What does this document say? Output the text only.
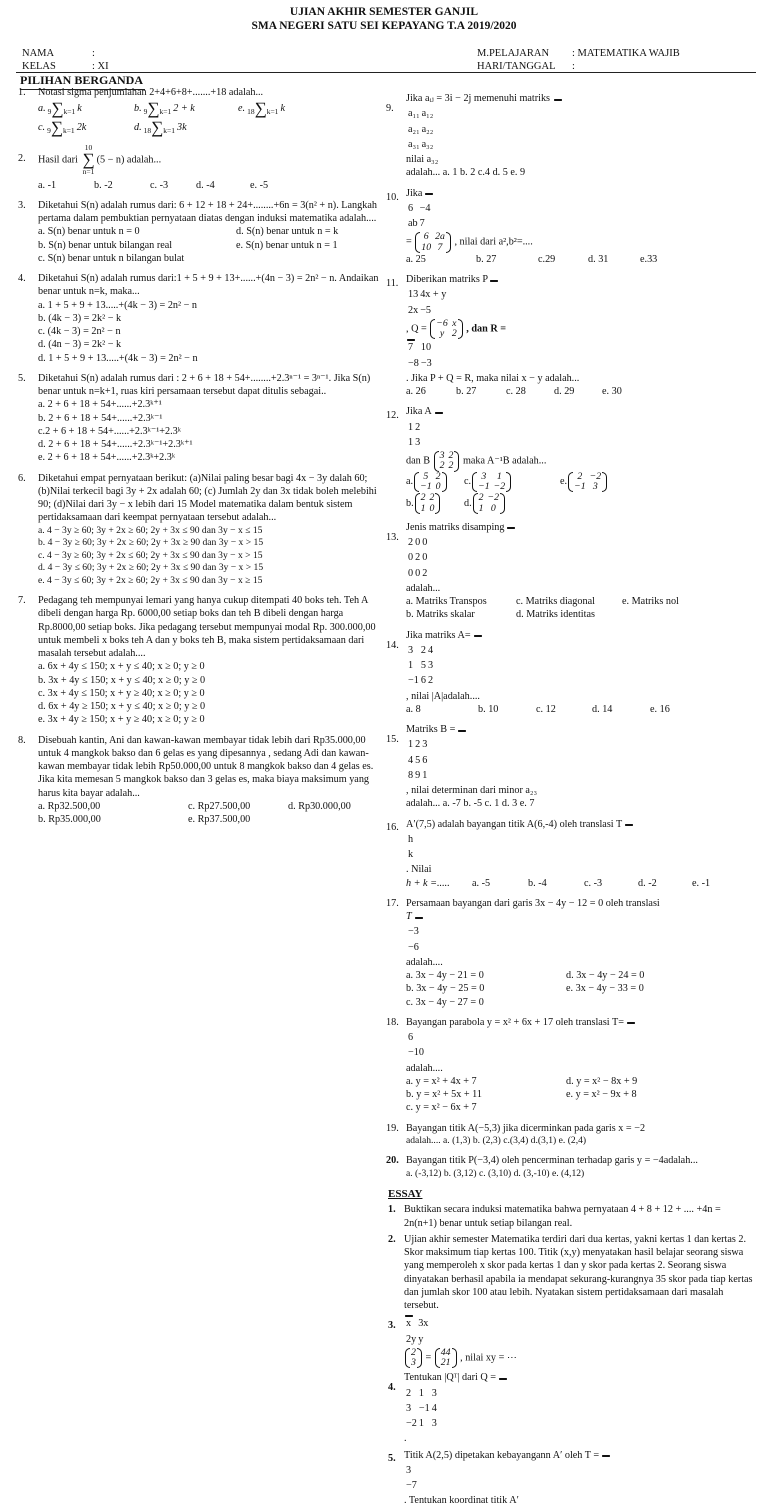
UJIAN AKHIR SEMESTER GANJIL
SMA NEGERI SATU SEI KEPAYANG T.A 2019/2020
NAMA	:
KELAS	: XI
M.PELAJARAN : MATEMATIKA WAJIB
HARI/TANGGAL :
PILIHAN BERGANDA
1. Notasi sigma penjumlahan 2+4+6+8+.......+18 adalah...

a. 9∑k=1 k	b. 9∑k=1 2 + k	e. 18∑k=1 k
c. 9∑k=1 2k	d. 18∑k=1 3k
2. Hasil dari
10
∑
n=1
(5 − n) adalah...

a. -1	b. -2	c. -3	d. -4	e. -5
3. Diketahui S(n) adalah rumus dari: 6 + 12 + 18 + 24+........+6n = 3(n² + n). Langkah pertama dalam pembuktian pernyataan diatas dengan induksi matematika adalah....

a. S(n) benar untuk n = 0	d. S(n) benar untuk n = k
b. S(n) benar untuk bilangan real	e. S(n) benar untuk n = 1
c. S(n) benar untuk n bilangan bulat
4. Diketahui S(n) adalah rumus dari:1 + 5 + 9 + 13+......+(4n − 3) = 2n² − n. Andaikan benar untuk n=k, maka...

a. 1 + 5 + 9 + 13.....+(4k − 3) = 2n² − n
b. (4k − 3) = 2k² − k
c. (4k − 3) = 2n² − n
d. (4n − 3) = 2k² − k
d. 1 + 5 + 9 + 13.....+(4k − 3) = 2n² − n
5. Diketahui S(n) adalah rumus dari : 2 + 6 + 18 + 54+........+2.3ⁿ⁻¹ = 3ⁿ⁻¹. Jika S(n) benar untuk n=k+1, ruas kiri persamaan tersebut dapat ditulis sebagai..

a. 2 + 6 + 18 + 54+......+2.3ᵏ⁺¹
b. 2 + 6 + 18 + 54+......+2.3ᵏ⁻¹
c.2 + 6 + 18 + 54+......+2.3ᵏ⁻¹+2.3ᵏ
d. 2 + 6 + 18 + 54+......+2.3ᵏ⁻¹+2.3ᵏ⁺¹
e. 2 + 6 + 18 + 54+......+2.3ᵏ+2.3ᵏ
6. Diketahui empat pernyataan berikut: (a)Nilai paling besar bagi 4x − 3y dalah 60; (b)Nilai terkecil bagi 3y + 2x adalah 60; (c) Jumlah 2y dan 3x tidak boleh melebihi 90; (d)Nilai dari 3y − x lebih dari 15 Model matematika dalam bentuk sistem pertidaksamaan dari keempat pernyataan tersebut adalah...

a. 4 − 3y ≥ 60; 3y + 2x ≥ 60; 2y + 3x ≤ 90 dan 3y − x ≤ 15
b. 4 − 3y ≥ 60; 3y + 2x ≥ 60; 2y + 3x ≥ 90 dan 3y − x > 15
c. 4 − 3y ≥ 60; 3y + 2x ≤ 60; 2y + 3x ≤ 90 dan 3y − x > 15
d. 4 − 3y ≤ 60; 3y + 2x ≥ 60; 2y + 3x ≤ 90 dan 3y − x > 15
e. 4 − 3y ≤ 60; 3y + 2x ≥ 60; 2y + 3x ≤ 90 dan 3y − x ≥ 15
7. Pedagang teh mempunyai lemari yang hanya cukup ditempati 40 boks teh. Teh A dibeli dengan harga Rp. 6000,00 setiap boks dan teh B dibeli dengan harga Rp.8000,00 setiap boks. Jika pedagang tersebut mempunyai modal Rp. 300.000,00 untuk membeli x boks teh A dan y boks teh B, maka sistem pertidaksamaan dari masalah tersebut adalah....

a. 6x + 4y ≤ 150; x + y ≤ 40; x ≥ 0; y ≥ 0
b. 3x + 4y ≤ 150; x + y ≤ 40; x ≥ 0; y ≥ 0
c. 3x + 4y ≤ 150; x + y ≥ 40; x ≥ 0; y ≥ 0
d. 6x + 4y ≥ 150; x + y ≤ 40; x ≥ 0; y ≥ 0
e. 3x + 4y ≥ 150; x + y ≥ 40; x ≥ 0; y ≥ 0
8. Disebuah kantin, Ani dan kawan-kawan membayar tidak lebih dari Rp35.000,00 untuk 4 mangkok bakso dan 6 gelas es yang dipesannya , sedang Adi dan kawan-kawan membayar tidak lebih Rp50.000,00 untuk 8 mangkok bakso dan 4 gelas es. Jika kita memesan 5 mangkok bakso dan 3 gelas es, maka biaya maksimum yang harus kita bayar adalah...

a. Rp32.500,00	c. Rp27.500,00	d. Rp30.000,00
b. Rp35.000,00	e. Rp37.500,00
9.

Jika aᵢⱼ = 3i − 2j memenuhi matriks

a₁₁	a₁₂
a₂₁	a₂₂
a₃₁	a₃₂
nilai a₃₂

adalah... a. 1 b. 2 c.4 d. 5 e. 9
10. Jika

6	−4
ab	7
=
6	2a
10	7 , nilai dari a²,b²=....

a. 25	b. 27	c.29	d. 31	e.33
11. Diberikan matriks P

13	4x + y
2x	−5
, Q =
−6	x
y	2 , dan R =

7	10
−8	−3
. Jika P + Q = R, maka nilai x − y adalah...

a. 26	b. 27	c. 28	d. 29	e. 30
12. Jika A

1	2
1	3
dan B
3	2
2	2 maka A⁻¹B adalah...

a.
5	2
−1	0 c.
3	1
−1	−2	e.
2	−2
−1	3
b.
2	2
1	0	d.
2	−2
1	0
13.

Jenis matriks disamping

2	0	0
0	2	0
0	0	2
adalah...

a. Matriks Transpos	c. Matriks diagonal	e. Matriks nol
b. Matriks skalar	d. Matriks identitas
14.

Jika matriks A=

3	2	4
1	5	3
−1	6	2
, nilai |A|adalah....

a. 8	b. 10	c. 12	d. 14	e. 16
15.

Matriks B =

1	2	3
4	5	6
8	9	1
, nilai determinan dari minor a₂₃

adalah... a. -7 b. -5 c. 1 d. 3 e. 7
16. A′(7,5) adalah bayangan titik A(6,-4) oleh translasi T

h
k
. Nilai

h + k =.....	a. -5	b. -4	c. -3	d. -2	e. -1
17. Persamaan bayangan dari garis 3x − 4y − 12 = 0 oleh translasi

T

−3
−6
adalah....

a. 3x − 4y − 21 = 0	d. 3x − 4y − 24 = 0
b. 3x − 4y − 25 = 0	e. 3x − 4y − 33 = 0
c. 3x − 4y − 27 = 0
18. Bayangan parabola y = x² + 6x + 17 oleh translasi T=

6
−10

adalah....
a. y = x² + 4x + 7	d. y = x² − 8x + 9
b. y = x² + 5x + 11	e. y = x² − 9x + 8
c. y = x² − 6x + 7
19. Bayangan titik A(−5,3) jika dicerminkan pada garis x = −2

adalah.... a. (1,3) b. (2,3) c.(3,4) d.(3,1) e. (2,4)
20. Bayangan titik P(−3,4) oleh pencerminan terhadap garis y = −4adalah...

a. (-3,12) b. (3,12) c. (3,10) d. (3,-10) e. (4,12)
ESSAY
1. Buktikan secara induksi matematika bahwa pernyataan 4 + 8 + 12 + .... +4n = 2n(n+1) benar untuk setiap bilangan real.

2. Ujian akhir semester Matematika terdiri dari dua kertas, yakni kertas 1 dan kertas 2. Skor maksimum tiap kertas 100. Titik (x,y) menyatakan hasil belajar seorang siswa yang memperoleh x skor pada kertas 1 dan y skor pada kertas 2. Seorang siswa dinyatakan berhasil apabila ia mendapat sekurang-kurangnya 35 skor pada tiap kertas dan jumlah skor 100 atau lebih. Nyatakan sistem pertidaksamaan dari masalah tersebut.

3. x	3x
2y	y
2
3 =
44
21 , nilai xy = ⋯

4.

Tentukan |Qᵀ| dari Q =

2	1	3
3	−1	4
−2	1	3
.

5. Titik A(2,5) dipetakan kebayangann A′ oleh T =

3
−7
. Tentukan koordinat titik A′
